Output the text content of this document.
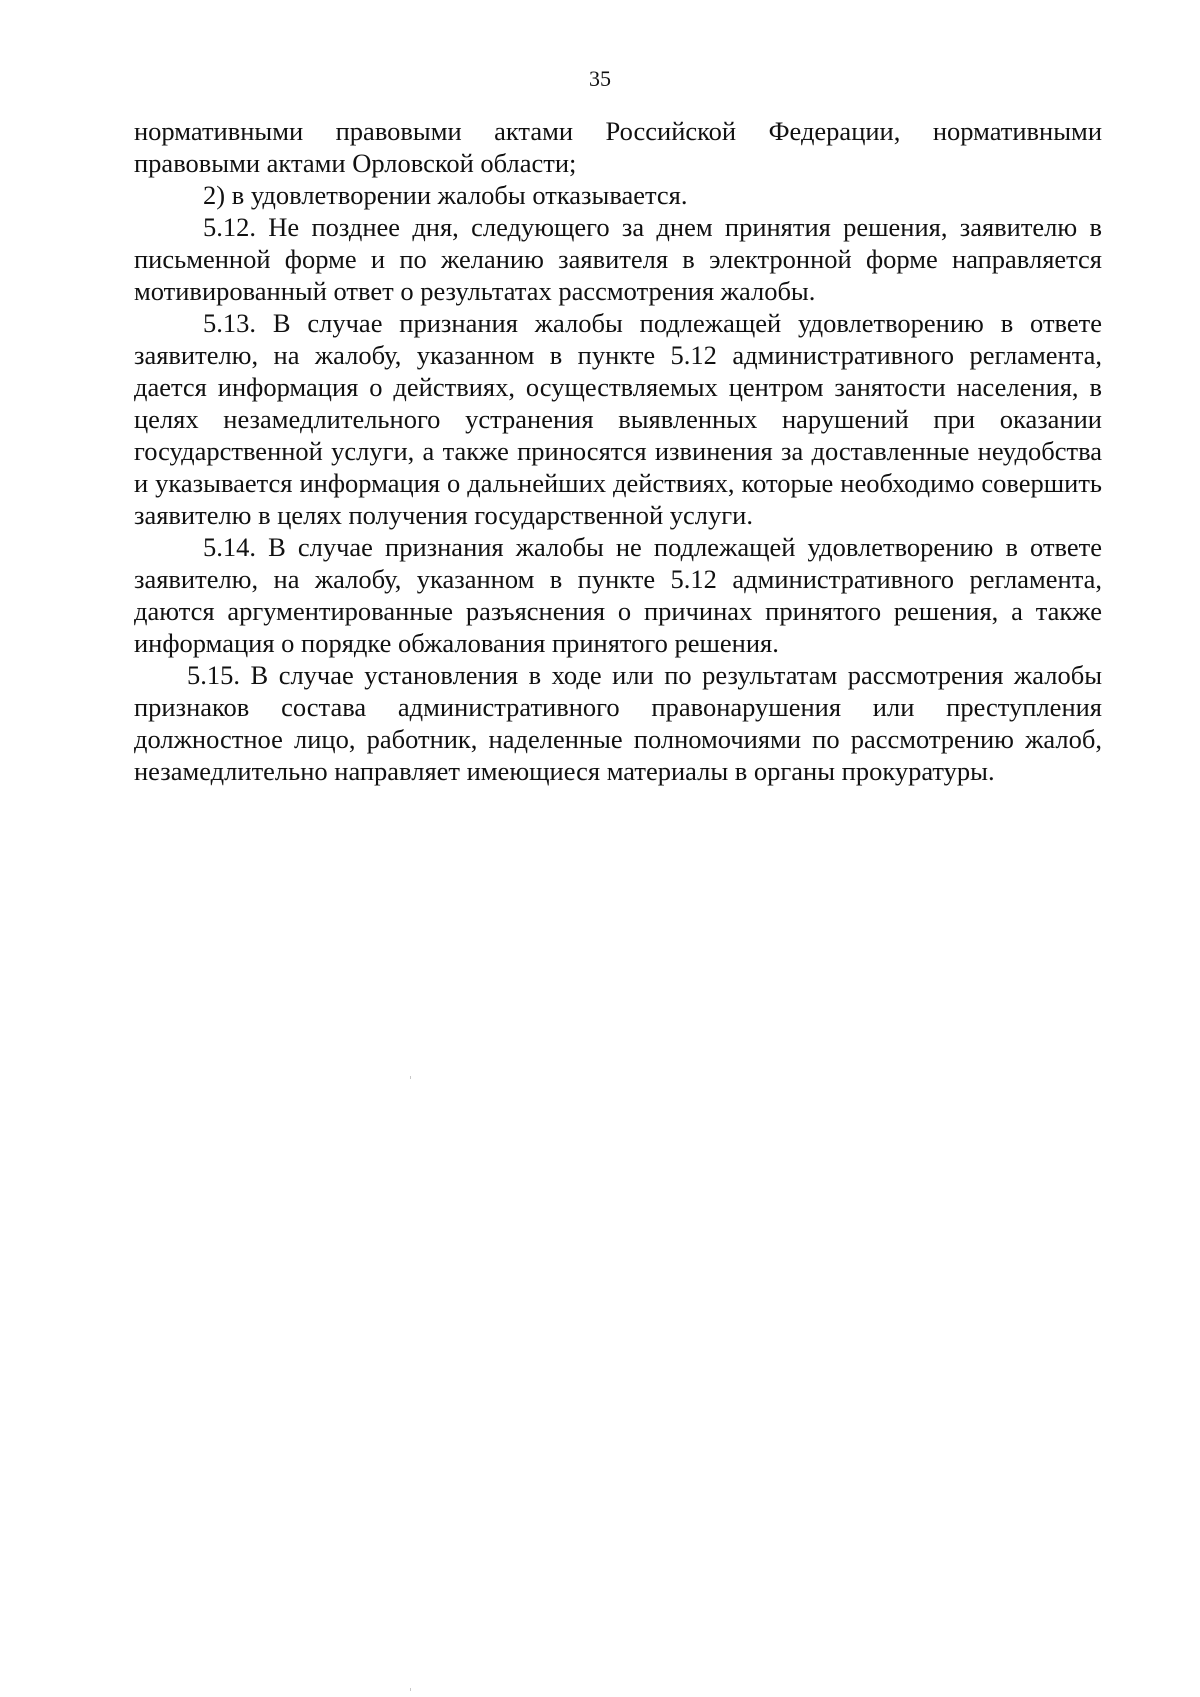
35

нормативными правовыми актами Российской Федерации, нормативными правовыми актами Орловской области;

2) в удовлетворении жалобы отказывается.

5.12. Не позднее дня, следующего за днем принятия решения, заявителю в письменной форме и по желанию заявителя в электронной форме направляется мотивированный ответ о результатах рассмотрения жалобы.

5.13. В случае признания жалобы подлежащей удовлетворению в ответе заявителю, на жалобу, указанном в пункте 5.12 административного регламента, дается информация о действиях, осуществляемых центром занятости населения, в целях незамедлительного устранения выявленных нарушений при оказании государственной услуги, а также приносятся извинения за доставленные неудобства и указывается информация о дальнейших действиях, которые необходимо совершить заявителю в целях получения государственной услуги.

5.14. В случае признания жалобы не подлежащей удовлетворению в ответе заявителю, на жалобу, указанном в пункте 5.12 административного регламента, даются аргументированные разъяснения о причинах принятого решения, а также информация о порядке обжалования принятого решения.

5.15. В случае установления в ходе или по результатам рассмотрения жалобы признаков состава административного правонарушения или преступления должностное лицо, работник, наделенные полномочиями по рассмотрению жалоб, незамедлительно направляет имеющиеся материалы в органы прокуратуры.
